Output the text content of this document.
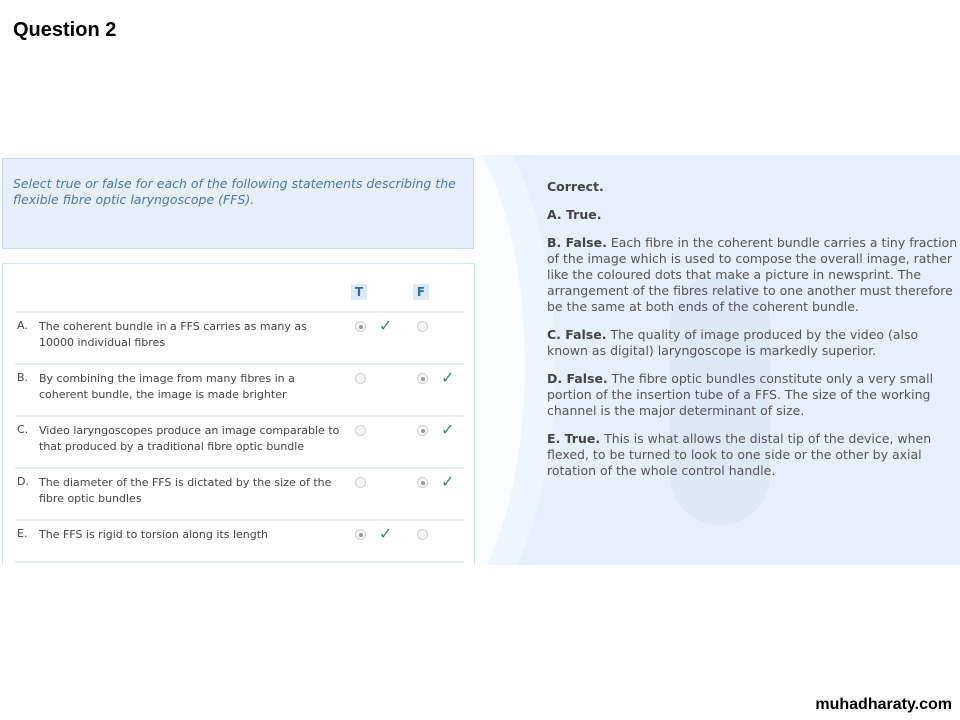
Question 2
Select true or false for each of the following statements describing the flexible fibre optic laryngoscope (FFS).
T	F
A. The coherent bundle in a FFS carries as many as 10000 individual fibres
✓
B. By combining the image from many fibres in a coherent bundle, the image is made brighter
✓
C. Video laryngoscopes produce an image comparable to that produced by a traditional fibre optic bundle
✓
D. The diameter of the FFS is dictated by the size of the fibre optic bundles
✓
E. The FFS is rigid to torsion along its length	✓

Correct.

A. True.

B. False. Each fibre in the coherent bundle carries a tiny fraction of the image which is used to compose the overall image, rather like the coloured dots that make a picture in newsprint. The arrangement of the fibres relative to one another must therefore be the same at both ends of the coherent bundle.

C. False. The quality of image produced by the video (also known as digital) laryngoscope is markedly superior.

D. False. The fibre optic bundles constitute only a very small portion of the insertion tube of a FFS. The size of the working channel is the major determinant of size.

E. True. This is what allows the distal tip of the device, when flexed, to be turned to look to one side or the other by axial rotation of the whole control handle.

muhadharaty.com
